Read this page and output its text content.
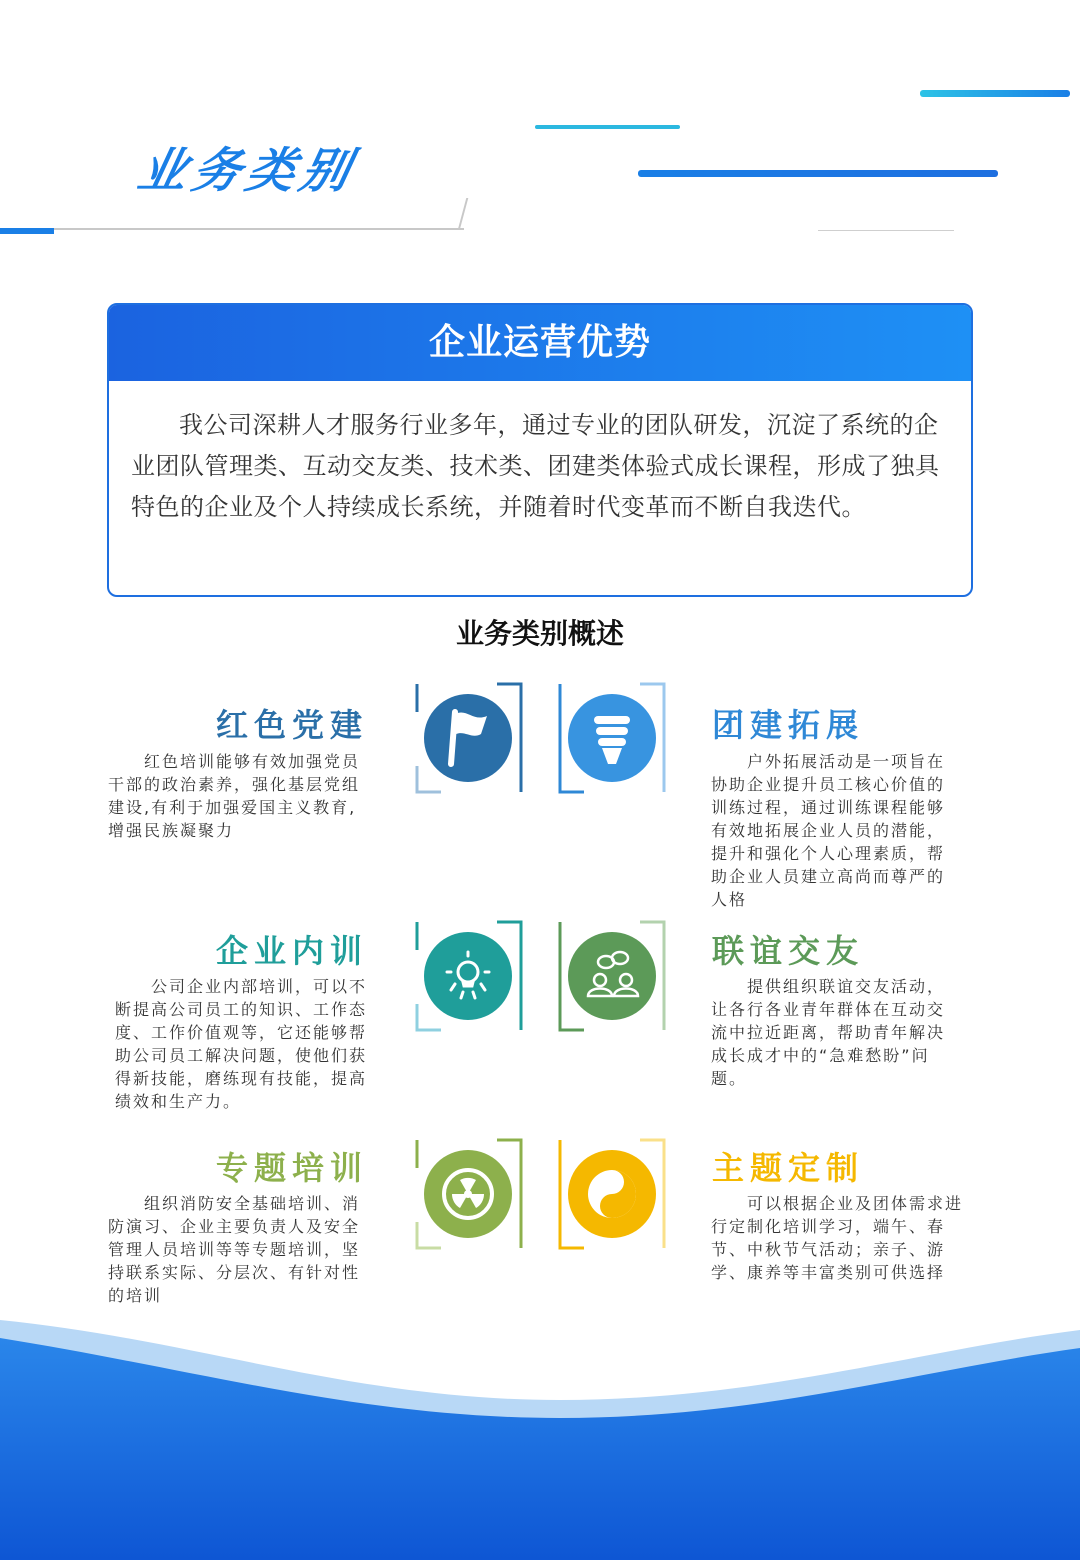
业务类别
企业运营优势
我公司深耕人才服务行业多年，通过专业的团队研发，沉淀了系统的企业团队管理类、互动交友类、技术类、团建类体验式成长课程，形成了独具特色的企业及个人持续成长系统，并随着时代变革而不断自我迭代。
业务类别概述
红色党建
红色培训能够有效加强党员干部的政治素养，强化基层党组建设,有利于加强爱国主义教育,增强民族凝聚力
团建拓展
户外拓展活动是一项旨在协助企业提升员工核心价值的训练过程，通过训练课程能够有效地拓展企业人员的潜能，提升和强化个人心理素质，帮助企业人员建立高尚而尊严的人格
企业内训
公司企业内部培训，可以不断提高公司员工的知识、工作态度、工作价值观等，它还能够帮助公司员工解决问题，使他们获得新技能，磨练现有技能，提高绩效和生产力。
联谊交友
提供组织联谊交友活动，让各行各业青年群体在互动交流中拉近距离，帮助青年解决成长成才中的“急难愁盼”问题。
专题培训
组织消防安全基础培训、消防演习、企业主要负责人及安全管理人员培训等等专题培训，坚持联系实际、分层次、有针对性的培训
主题定制
可以根据企业及团体需求进行定制化培训学习，端午、春节、中秋节气活动；亲子、游学、康养等丰富类别可供选择
